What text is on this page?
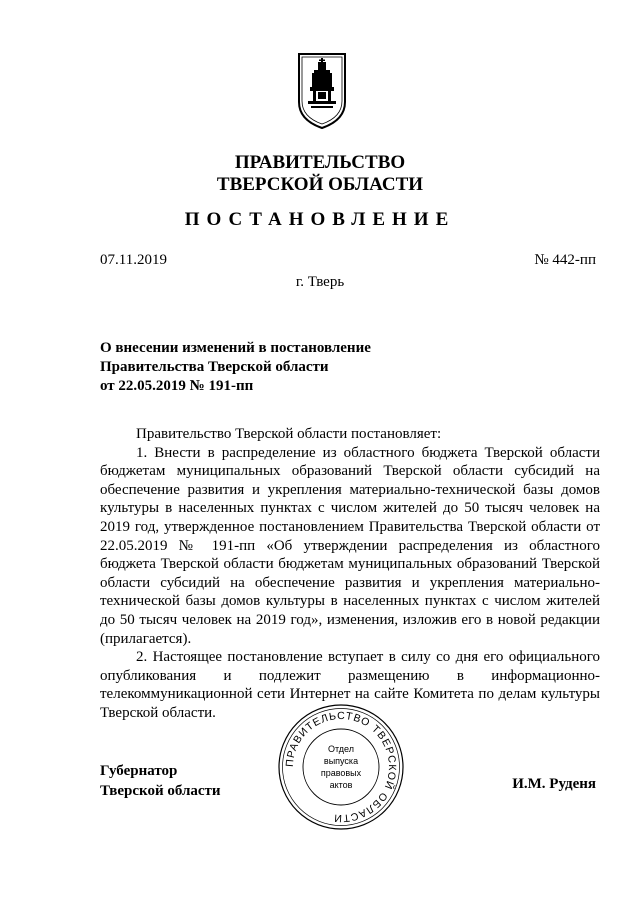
ПРАВИТЕЛЬСТВО
ТВЕРСКОЙ ОБЛАСТИ
ПОСТАНОВЛЕНИЕ
07.11.2019	№ 442-пп
г. Тверь
О внесении изменений в постановление
Правительства Тверской области
от 22.05.2019 № 191-пп

Правительство Тверской области постановляет:

1. Внести в распределение из областного бюджета Тверской области бюджетам муниципальных образований Тверской области субсидий на обеспечение развития и укрепления материально-технической базы домов культуры в населенных пунктах с числом жителей до 50 тысяч человек на 2019 год, утвержденное постановлением Правительства Тверской области от 22.05.2019 № 191-пп «Об утверждении распределения из областного бюджета Тверской области бюджетам муниципальных образований Тверской области субсидий на обеспечение развития и укрепления материально-технической базы домов культуры в населенных пунктах с числом жителей до 50 тысяч человек на 2019 год», изменения, изложив его в новой редакции (прилагается).

2. Настоящее постановление вступает в силу со дня его официального опубликования и подлежит размещению в информационно-телекоммуникационной сети Интернет на сайте Комитета по делам культуры Тверской области.

Губернатор
Тверской области	И.М. Руденя
ПРАВИТЕЛЬСТВО ТВЕРСКОЙ ОБЛАСТИ
Отдел
выпуска
правовых
актов
